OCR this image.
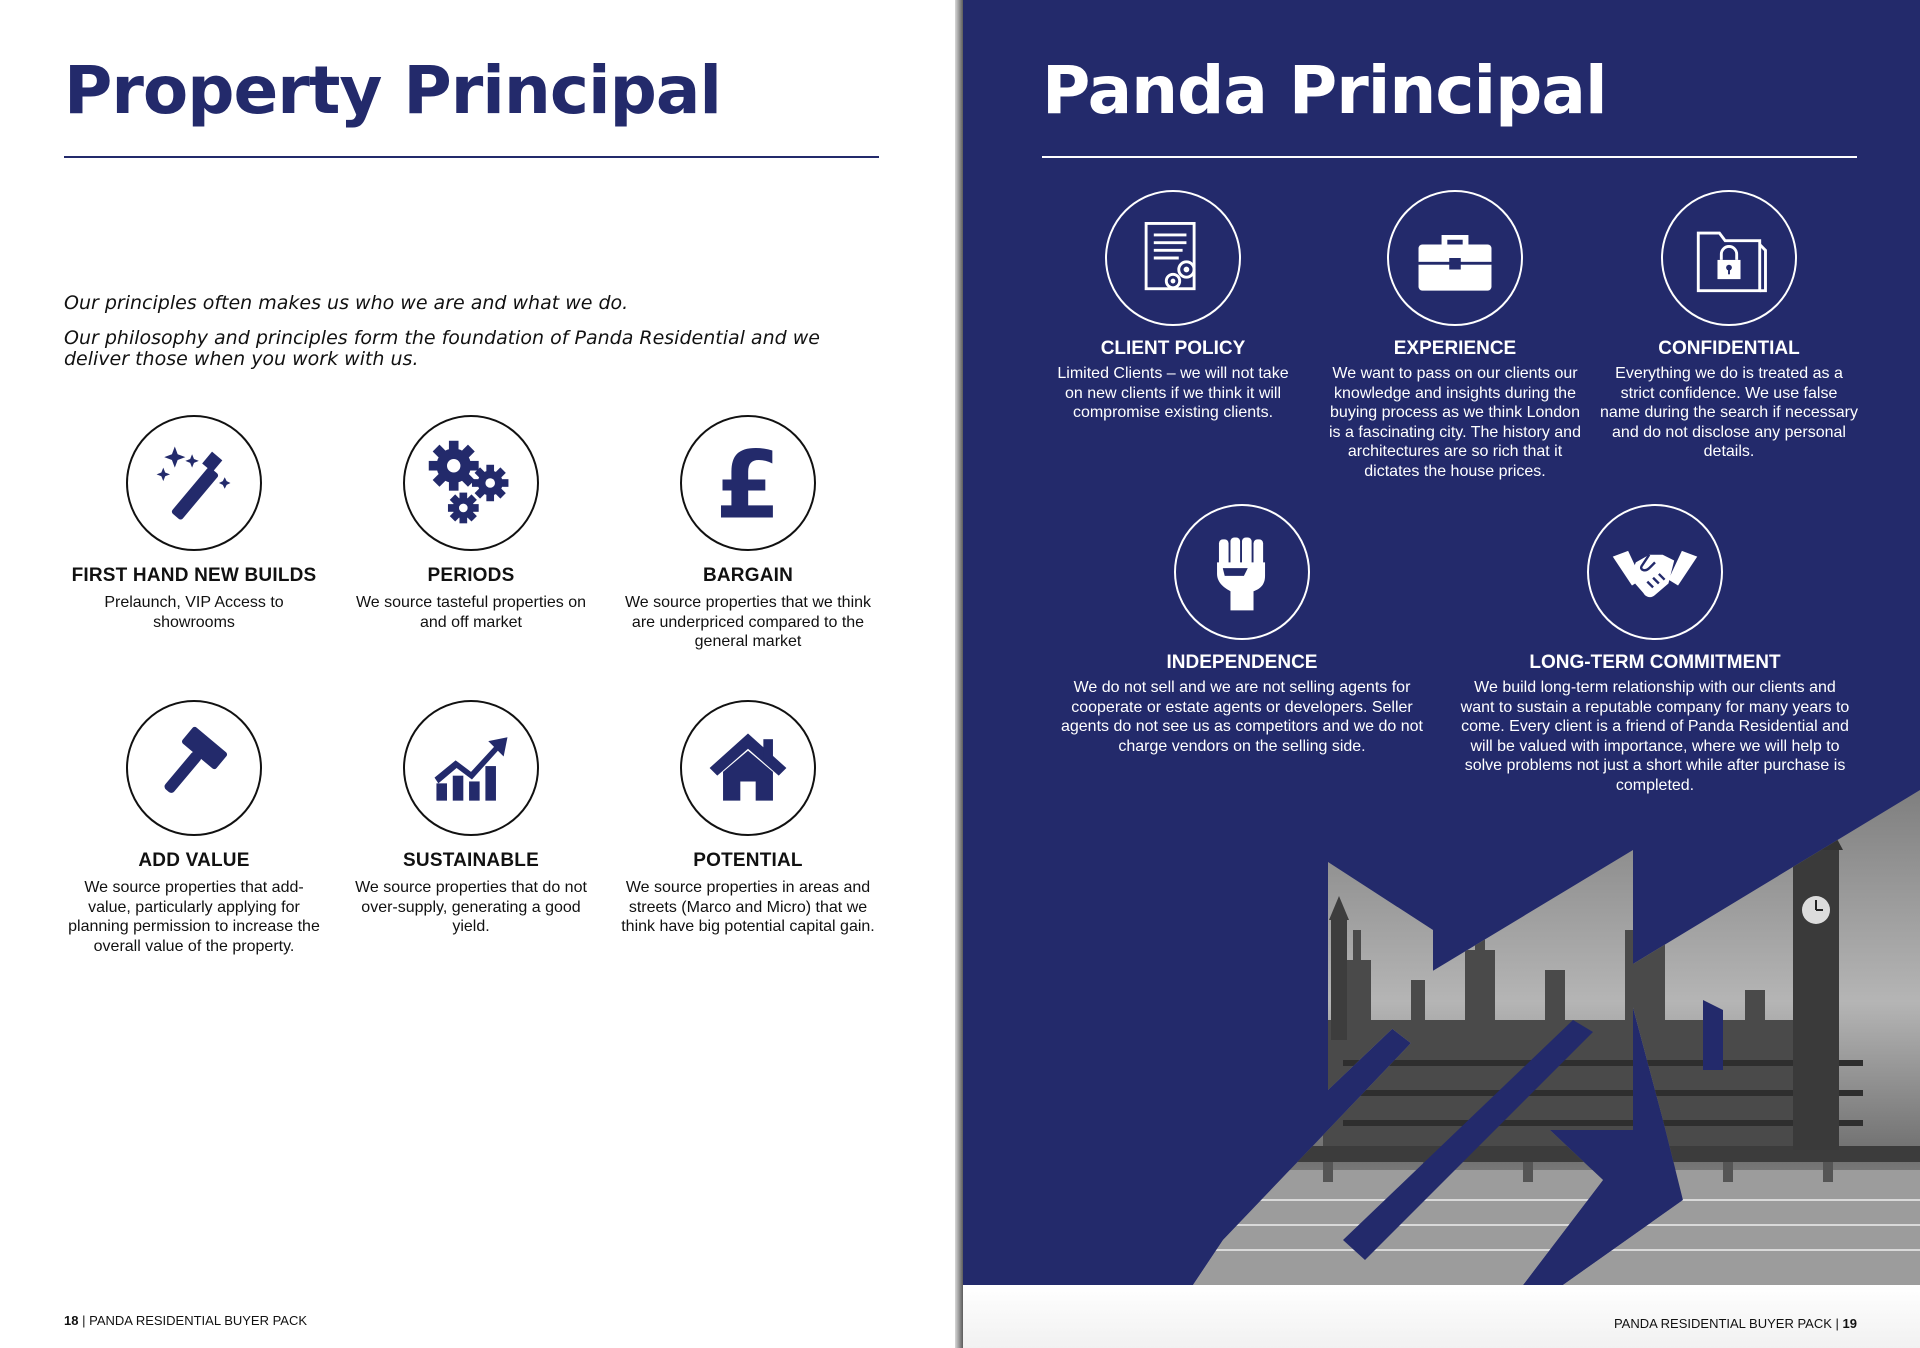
Property Principal

Our principles often makes us who we are and what we do.

Our philosophy and principles form the foundation of Panda Residential and we deliver those when you work with us.

FIRST HAND NEW BUILDS
Prelaunch, VIP Access to showrooms
PERIODS
We source tasteful properties on and off market
£
BARGAIN
We source properties that we think are underpriced compared to the general market
ADD VALUE
We source properties that add-value, particularly applying for planning permission to increase the overall value of the property.
SUSTAINABLE
We source properties that do not over-supply, generating a good yield.
POTENTIAL
We source properties in areas and streets (Marco and Micro) that we think have big potential capital gain.
18 | PANDA RESIDENTIAL BUYER PACK
Panda Principal
CLIENT POLICY
Limited Clients – we will not take on new clients if we think it will compromise existing clients.
EXPERIENCE
We want to pass on our clients our knowledge and insights during the buying process as we think London is a fascinating city. The history and architectures are so rich that it dictates the house prices.
CONFIDENTIAL
Everything we do is treated as a strict confidence. We use false name during the search if necessary and do not disclose any personal details.
INDEPENDENCE
We do not sell and we are not selling agents for cooperate or estate agents or developers. Seller agents do not see us as competitors and we do not charge vendors on the selling side.
LONG-TERM COMMITMENT
We build long-term relationship with our clients and want to sustain a reputable company for many years to come. Every client is a friend of Panda Residential and will be valued with importance, where we will help to solve problems not just a short while after purchase is completed.
PANDA RESIDENTIAL BUYER PACK | 19
